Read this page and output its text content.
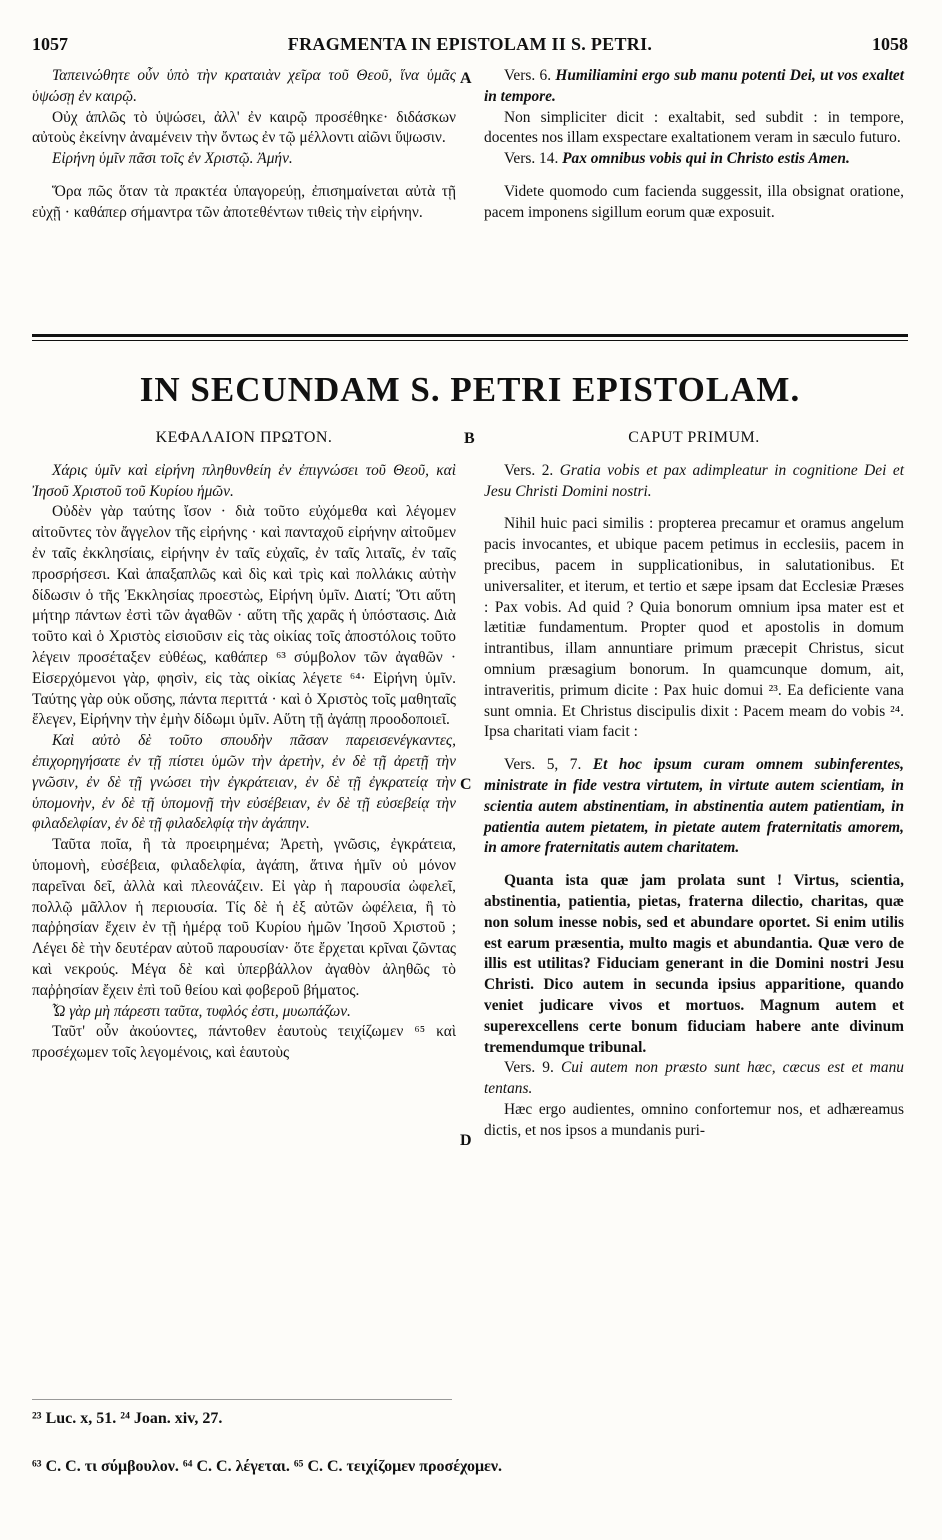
1057	FRAGMENTA IN EPISTOLAM II S. PETRI.	1058

Ταπεινώθητε οὖν ὑπὸ τὴν κραταιὰν χεῖρα τοῦ Θεοῦ, ἵνα ὑμᾶς ὑψώσῃ ἐν καιρῷ.

Οὐχ ἁπλῶς τὸ ὑψώσει, ἀλλ' ἐν καιρῷ προσέθηκε· διδάσκων αὐτοὺς ἐκείνην ἀναμένειν τὴν ὄντως ἐν τῷ μέλλοντι αἰῶνι ὕψωσιν.

Εἰρήνη ὑμῖν πᾶσι τοῖς ἐν Χριστῷ. Ἀμήν.

Ὅρα πῶς ὅταν τὰ πρακτέα ὑπαγορεύῃ, ἐπισημαίνεται αὐτὰ τῇ εὐχῇ · καθάπερ σήμαντρα τῶν ἀποτεθέντων τιθεὶς τὴν εἰρήνην.

A	Vers. 6. Humiliamini ergo sub manu potenti Dei, ut vos exaltet in tempore.

Non simpliciter dicit : exaltabit, sed subdit : in tempore, docentes nos illam exspectare exaltationem veram in sæculo futuro.

Vers. 14. Pax omnibus vobis qui in Christo estis Amen.

Videte quomodo cum facienda suggessit, illa obsignat oratione, pacem imponens sigillum eorum quæ exposuit.

IN SECUNDAM S. PETRI EPISTOLAM.

ΚΕΦΑΛΑΙΟΝ ΠΡΩΤΟΝ.

Χάρις ὑμῖν καὶ εἰρήνη πληθυνθείη ἐν ἐπιγνώσει τοῦ Θεοῦ, καὶ Ἰησοῦ Χριστοῦ τοῦ Κυρίου ἡμῶν.

Οὐδὲν γὰρ ταύτης ἴσον · διὰ τοῦτο εὐχόμεθα καὶ λέγομεν αἰτοῦντες τὸν ἄγγελον τῆς εἰρήνης · καὶ πανταχοῦ εἰρήνην αἰτοῦμεν ἐν ταῖς ἐκκλησίαις, εἰρήνην ἐν ταῖς εὐχαῖς, ἐν ταῖς λιταῖς, ἐν ταῖς προσρήσεσι. Καὶ ἁπαξαπλῶς καὶ δὶς καὶ τρὶς καὶ πολλάκις αὐτὴν δίδωσιν ὁ τῆς Ἐκκλησίας προεστὼς, Εἰρήνη ὑμῖν. Διατί; Ὅτι αὕτη μήτηρ πάντων ἐστὶ τῶν ἀγαθῶν · αὕτη τῆς χαρᾶς ἡ ὑπόστασις. Διὰ τοῦτο καὶ ὁ Χριστὸς εἰσιοῦσιν εἰς τὰς οἰκίας τοῖς ἀποστόλοις τοῦτο λέγειν προσέταξεν εὐθέως, καθάπερ ⁶³ σύμβολον τῶν ἀγαθῶν · Εἰσερχόμενοι γὰρ, φησὶν, εἰς τὰς οἰκίας λέγετε ⁶⁴· Εἰρήνη ὑμῖν. Ταύτης γὰρ οὐκ οὔσης, πάντα περιττά · καὶ ὁ Χριστὸς τοῖς μαθηταῖς ἔλεγεν, Εἰρήνην τὴν ἐμὴν δίδωμι ὑμῖν. Αὕτη τῇ ἀγάπῃ προοδοποιεῖ.

Καὶ αὐτὸ δὲ τοῦτο σπουδὴν πᾶσαν παρεισενέγκαντες, ἐπιχορηγήσατε ἐν τῇ πίστει ὑμῶν τὴν ἀρετὴν, ἐν δὲ τῇ ἀρετῇ τὴν γνῶσιν, ἐν δὲ τῇ γνώσει τὴν ἐγκράτειαν, ἐν δὲ τῇ ἐγκρατείᾳ τὴν ὑπομονὴν, ἐν δὲ τῇ ὑπομονῇ τὴν εὐσέβειαν, ἐν δὲ τῇ εὐσεβείᾳ τὴν φιλαδελφίαν, ἐν δὲ τῇ φιλαδελφίᾳ τὴν ἀγάπην.

Ταῦτα ποῖα, ἢ τὰ προειρημένα; Ἀρετὴ, γνῶσις, ἐγκράτεια, ὑπομονὴ, εὐσέβεια, φιλαδελφία, ἀγάπη, ἅτινα ἡμῖν οὐ μόνον παρεῖναι δεῖ, ἀλλὰ καὶ πλεονάζειν. Εἰ γὰρ ἡ παρουσία ὠφελεῖ, πολλῷ μᾶλλον ἡ περιουσία. Τίς δὲ ἡ ἐξ αὐτῶν ὠφέλεια, ἢ τὸ παῤῥησίαν ἔχειν ἐν τῇ ἡμέρᾳ τοῦ Κυρίου ἡμῶν Ἰησοῦ Χριστοῦ ; Λέγει δὲ τὴν δευτέραν αὐτοῦ παρουσίαν· ὅτε ἔρχεται κρῖναι ζῶντας καὶ νεκρούς. Μέγα δὲ καὶ ὑπερβάλλον ἀγαθὸν ἀληθῶς τὸ παῤῥησίαν ἔχειν ἐπὶ τοῦ θείου καὶ φοβεροῦ βήματος.

Ὧ γὰρ μὴ πάρεστι ταῦτα, τυφλός ἐστι, μυωπάζων.

Ταῦτ' οὖν ἀκούοντες, πάντοθεν ἑαυτοὺς τειχίζωμεν ⁶⁵ καὶ προσέχωμεν τοῖς λεγομένοις, καὶ ἑαυτοὺς

B
C
D

CAPUT PRIMUM.

Vers. 2. Gratia vobis et pax adimpleatur in cognitione Dei et Jesu Christi Domini nostri.

Nihil huic paci similis : propterea precamur et oramus angelum pacis invocantes, et ubique pacem petimus in ecclesiis, pacem in precibus, pacem in supplicationibus, in salutationibus. Et universaliter, et iterum, et tertio et sæpe ipsam dat Ecclesiæ Præses : Pax vobis. Ad quid ? Quia bonorum omnium ipsa mater est et lætitiæ fundamentum. Propter quod et apostolis in domum intrantibus, illam annuntiare primum præcepit Christus, sicut omnium præsagium bonorum. In quamcunque domum, ait, intraveritis, primum dicite : Pax huic domui ²³. Ea deficiente vana sunt omnia. Et Christus discipulis dixit : Pacem meam do vobis ²⁴. Ipsa charitati viam facit :

Vers. 5, 7. Et hoc ipsum curam omnem subinferentes, ministrate in fide vestra virtutem, in virtute autem scientiam, in scientia autem abstinentiam, in abstinentia autem patientiam, in patientia autem pietatem, in pietate autem fraternitatis amorem, in amore fraternitatis autem charitatem.

Quanta ista quæ jam prolata sunt ! Virtus, scientia, abstinentia, patientia, pietas, fraterna dilectio, charitas, quæ non solum inesse nobis, sed et abundare oportet. Si enim utilis est earum præsentia, multo magis et abundantia. Quæ vero de illis est utilitas? Fiduciam generant in die Domini nostri Jesu Christi. Dico autem in secunda ipsius apparitione, quando veniet judicare vivos et mortuos. Magnum autem et superexcellens certe bonum fiduciam habere ante divinum tremendumque tribunal.

Vers. 9. Cui autem non præsto sunt hæc, cæcus est et manu tentans.

Hæc ergo audientes, omnino confortemur nos, et adhæreamus dictis, et nos ipsos a mundanis puri-

²³ Luc. x, 51. ²⁴ Joan. xiv, 27.
⁶³ C. C. τι σύμβουλον. ⁶⁴ C. C. λέγεται. ⁶⁵ C. C. τειχίζομεν προσέχομεν.
